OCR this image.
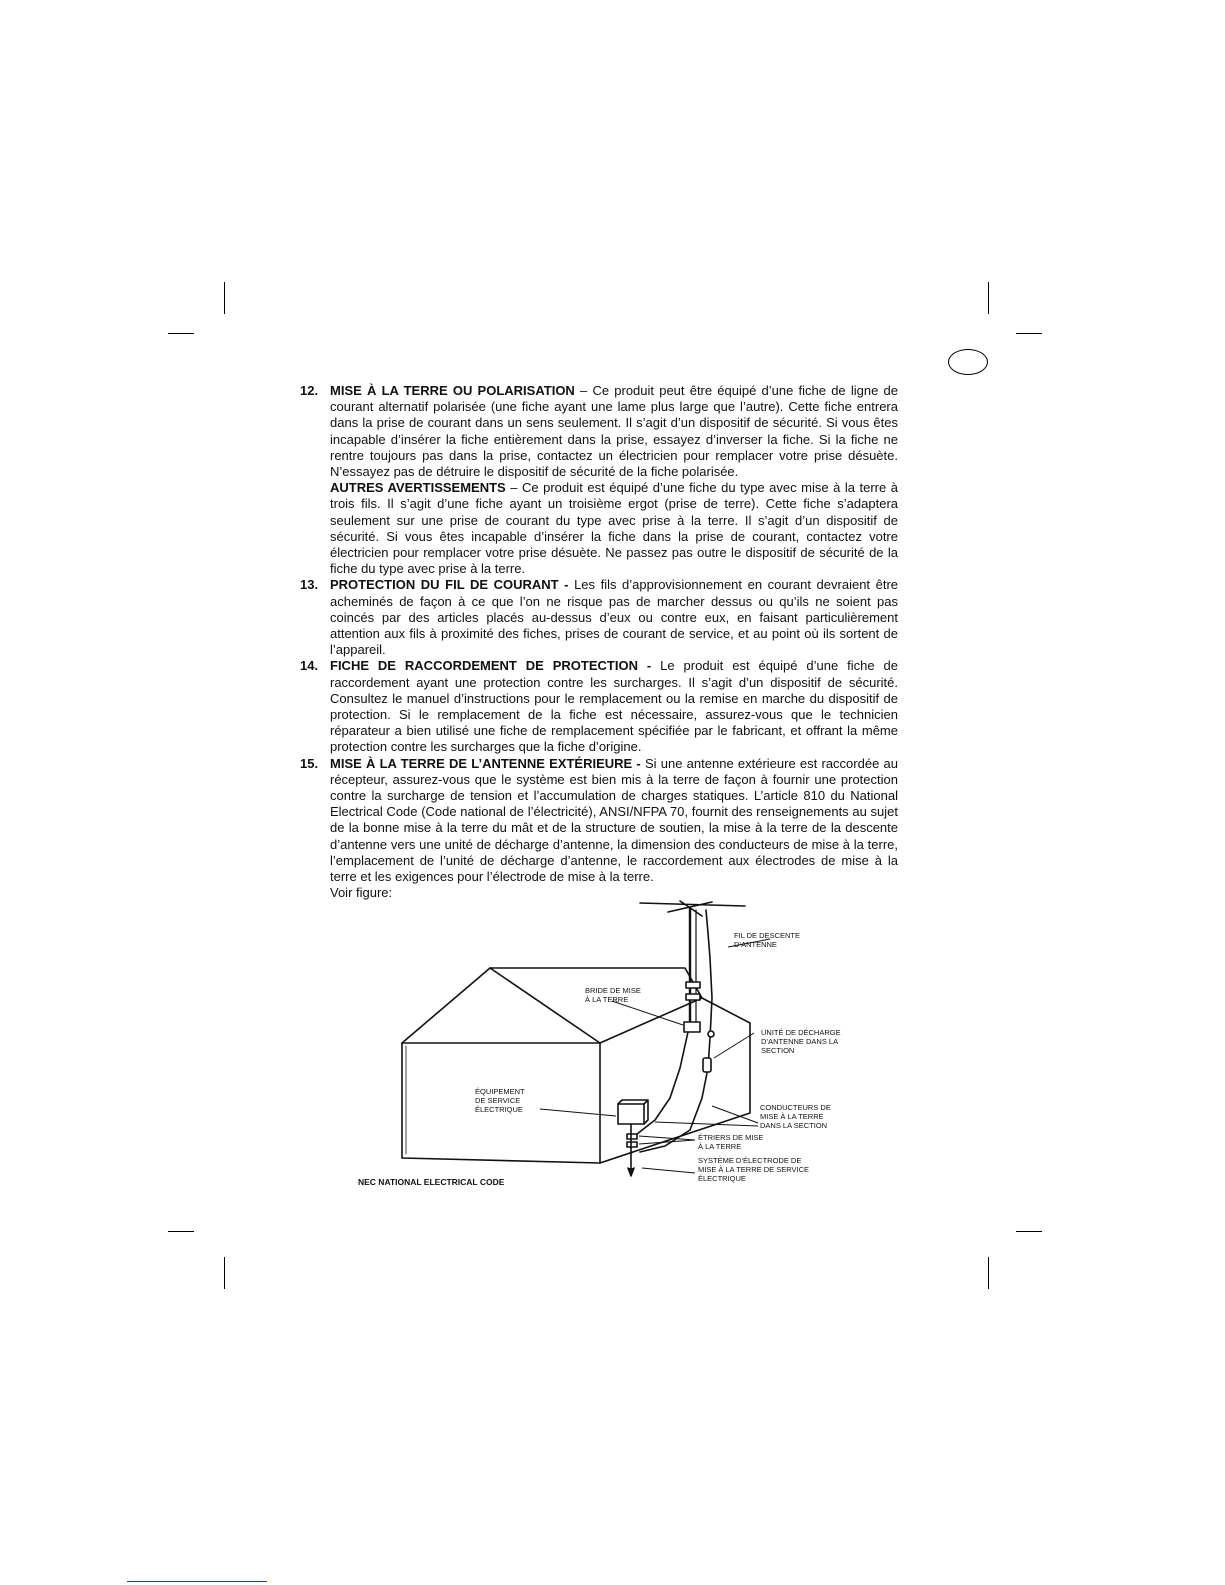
12. MISE À LA TERRE OU POLARISATION – Ce produit peut être équipé d’une fiche de ligne de courant alternatif polarisée (une fiche ayant une lame plus large que l’autre). Cette fiche entrera dans la prise de courant dans un sens seulement. Il s’agit d’un dispositif de sécurité. Si vous êtes incapable d’insérer la fiche entièrement dans la prise, essayez d’inverser la fiche. Si la fiche ne rentre toujours pas dans la prise, contactez un électricien pour remplacer votre prise désuète. N’essayez pas de détruire le dispositif de sécurité de la fiche polarisée.

AUTRES AVERTISSEMENTS – Ce produit est équipé d’une fiche du type avec mise à la terre à trois fils. Il s’agit d’une fiche ayant un troisième ergot (prise de terre). Cette fiche s’adaptera seulement sur une prise de courant du type avec prise à la terre. Il s’agit d’un dispositif de sécurité. Si vous êtes incapable d’insérer la fiche dans la prise de courant, contactez votre électricien pour remplacer votre prise désuète. Ne passez pas outre le dispositif de sécurité de la fiche du type avec prise à la terre.

13. PROTECTION DU FIL DE COURANT - Les fils d’approvisionnement en courant devraient être acheminés de façon à ce que l’on ne risque pas de marcher dessus ou qu’ils ne soient pas coincés par des articles placés au-dessus d’eux ou contre eux, en faisant particulièrement attention aux fils à proximité des fiches, prises de courant de service, et au point où ils sortent de l’appareil.

14. FICHE DE RACCORDEMENT DE PROTECTION - Le produit est équipé d’une fiche de raccordement ayant une protection contre les surcharges. Il s’agit d’un dispositif de sécurité. Consultez le manuel d’instructions pour le remplacement ou la remise en marche du dispositif de protection. Si le remplacement de la fiche est nécessaire, assurez-vous que le technicien réparateur a bien utilisé une fiche de remplacement spécifiée par le fabricant, et offrant la même protection contre les surcharges que la fiche d’origine.

15. MISE À LA TERRE DE L’ANTENNE EXTÉRIEURE - Si une antenne extérieure est raccordée au récepteur, assurez-vous que le système est bien mis à la terre de façon à fournir une protection contre la surcharge de tension et l’accumulation de charges statiques. L’article 810 du National Electrical Code (Code national de l’électricité), ANSI/NFPA 70, fournit des renseignements au sujet de la bonne mise à la terre du mât et de la structure de soutien, la mise à la terre de la descente d’antenne vers une unité de décharge d’antenne, la dimension des conducteurs de mise à la terre, l’emplacement de l’unité de décharge d’antenne, le raccordement aux électrodes de mise à la terre et les exigences pour l’électrode de mise à la terre.

Voir figure:

FIL DE DESCENTE
D’ANTENNE
BRIDE DE MISE
À LA TERRE
UNITÉ DE DÉCHARGE
D’ANTENNE DANS LA
SECTION
ÉQUIPEMENT
DE SERVICE
ÉLECTRIQUE	CONDUCTEURS DE
MISE À LA TERRE
DANS LA SECTION
ÉTRIERS DE MISE
À LA TERRE
SYSTÈME D’ÉLECTRODE DE
MISE À LA TERRE DE SERVICE
ÉLECTRIQUE
NEC NATIONAL ELECTRICAL CODE
